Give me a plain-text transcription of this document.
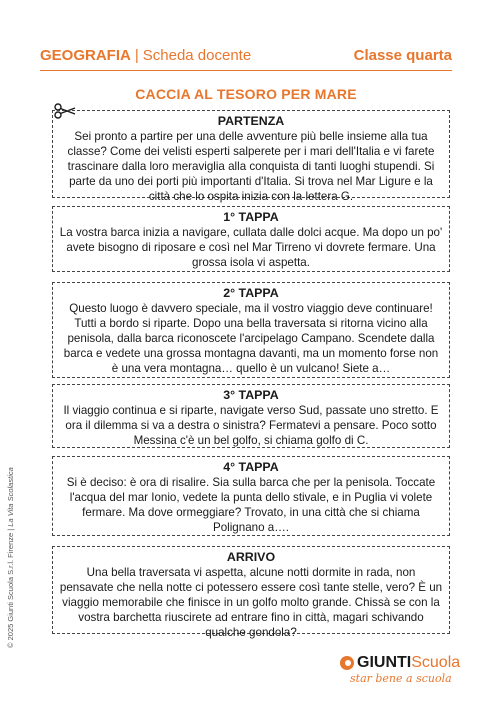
GEOGRAFIA | Scheda docente	Classe quarta
© 2025 Giunti Scuola S.r.l. Firenze | La Vita Scolastica
CACCIA AL TESORO PER MARE
PARTENZA

Sei pronto a partire per una delle avventure più belle insieme alla tua classe? Come dei velisti esperti salperete per i mari dell'Italia e vi farete trascinare dalla loro meraviglia alla conquista di tanti luoghi stupendi. Si parte da uno dei porti più importanti d'Italia. Si trova nel Mar Ligure e la città che lo ospita inizia con la lettera G.

1° TAPPA

La vostra barca inizia a navigare, cullata dalle dolci acque. Ma dopo un po' avete bisogno di riposare e così nel Mar Tirreno vi dovrete fermare. Una grossa isola vi aspetta.

2° TAPPA

Questo luogo è davvero speciale, ma il vostro viaggio deve continuare! Tutti a bordo si riparte. Dopo una bella traversata si ritorna vicino alla penisola, dalla barca riconoscete l'arcipelago Campano. Scendete dalla barca e vedete una grossa montagna davanti, ma un momento forse non è una vera montagna… quello è un vulcano! Siete a…

3° TAPPA

Il viaggio continua e si riparte, navigate verso Sud, passate uno stretto. E ora il dilemma si va a destra o sinistra? Fermatevi a pensare. Poco sotto Messina c'è un bel golfo, si chiama golfo di C.

4° TAPPA

Si è deciso: è ora di risalire. Sia sulla barca che per la penisola. Toccate l'acqua del mar Ionio, vedete la punta dello stivale, e in Puglia vi volete fermare. Ma dove ormeggiare? Trovato, in una città che si chiama Polignano a….

ARRIVO

Una bella traversata vi aspetta, alcune notti dormite in rada, non pensavate che nella notte ci potessero essere così tante stelle, vero? È un viaggio memorabile che finisce in un golfo molto grande. Chissà se con la vostra barchetta riuscirete ad entrare fino in città, magari schivando qualche gondola?

GIUNTI Scuola
star bene a scuola
